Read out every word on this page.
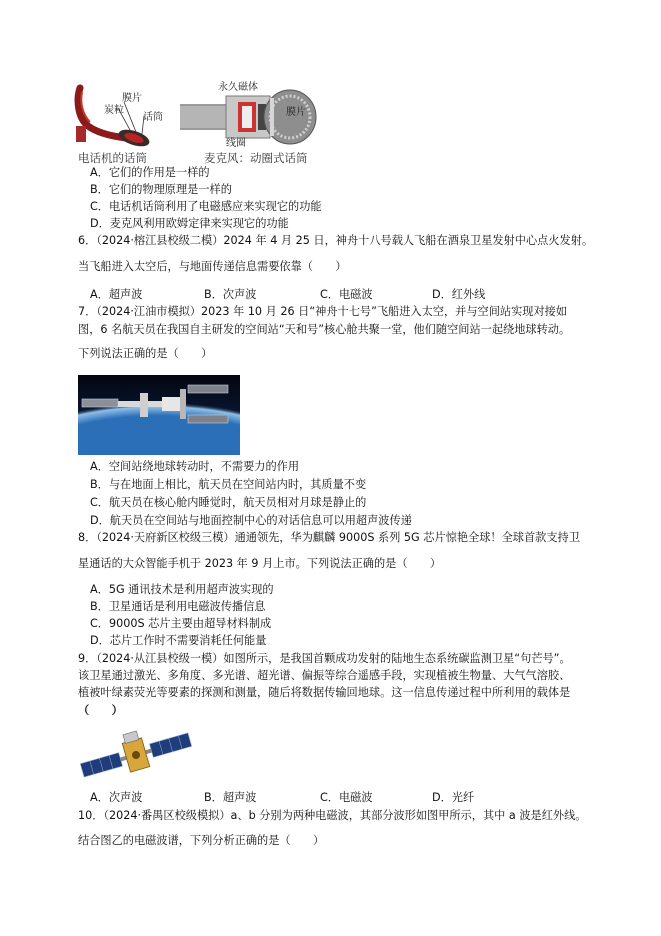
膜片
炭粒
话筒
电话机的话筒
永久磁体
膜片
线圈
麦克风：动圈式话筒
A．它们的作用是一样的
B．它们的物理原理是一样的
C．电话机话筒利用了电磁感应来实现它的功能
D．麦克风利用欧姆定律来实现它的功能
6．（2024·榕江县校级二模）2024 年 4 月 25 日，神舟十八号载人飞船在酒泉卫星发射中心点火发射。
当飞船进入太空后，与地面传递信息需要依靠（　　）
A．超声波	B．次声波	C．电磁波	D．红外线
7．（2024·江油市模拟）2023 年 10 月 26 日“神舟十七号”飞船进入太空，并与空间站实现对接如
图，6 名航天员在我国自主研发的空间站“天和号”核心舱共聚一堂，他们随空间站一起绕地球转动。
下列说法正确的是（　　）
A．空间站绕地球转动时，不需要力的作用
B．与在地面上相比，航天员在空间站内时，其质量不变
C．航天员在核心舱内睡觉时，航天员相对月球是静止的
D．航天员在空间站与地面控制中心的对话信息可以用超声波传递
8．（2024·天府新区校级三模）通通领先，华为麒麟 9000S 系列 5G 芯片惊艳全球！全球首款支持卫
星通话的大众智能手机于 2023 年 9 月上市。下列说法正确的是（　　）
A．5G 通讯技术是利用超声波实现的
B．卫星通话是利用电磁波传播信息
C．9000S 芯片主要由超导材料制成
D．芯片工作时不需要消耗任何能量
9．（2024·从江县校级一模）如图所示，是我国首颗成功发射的陆地生态系统碳监测卫星“句芒号”。
该卫星通过激光、多角度、多光谱、超光谱、偏振等综合遥感手段，实现植被生物量、大气气溶胶、
植被叶绿素荧光等要素的探测和测量，随后将数据传输回地球。这一信息传递过程中所利用的载体是
（　　）
A．次声波	B．超声波	C．电磁波	D．光纤
10．（2024·番禺区校级模拟）a、b 分别为两种电磁波，其部分波形如图甲所示，其中 a 波是红外线。
结合图乙的电磁波谱，下列分析正确的是（　　）
